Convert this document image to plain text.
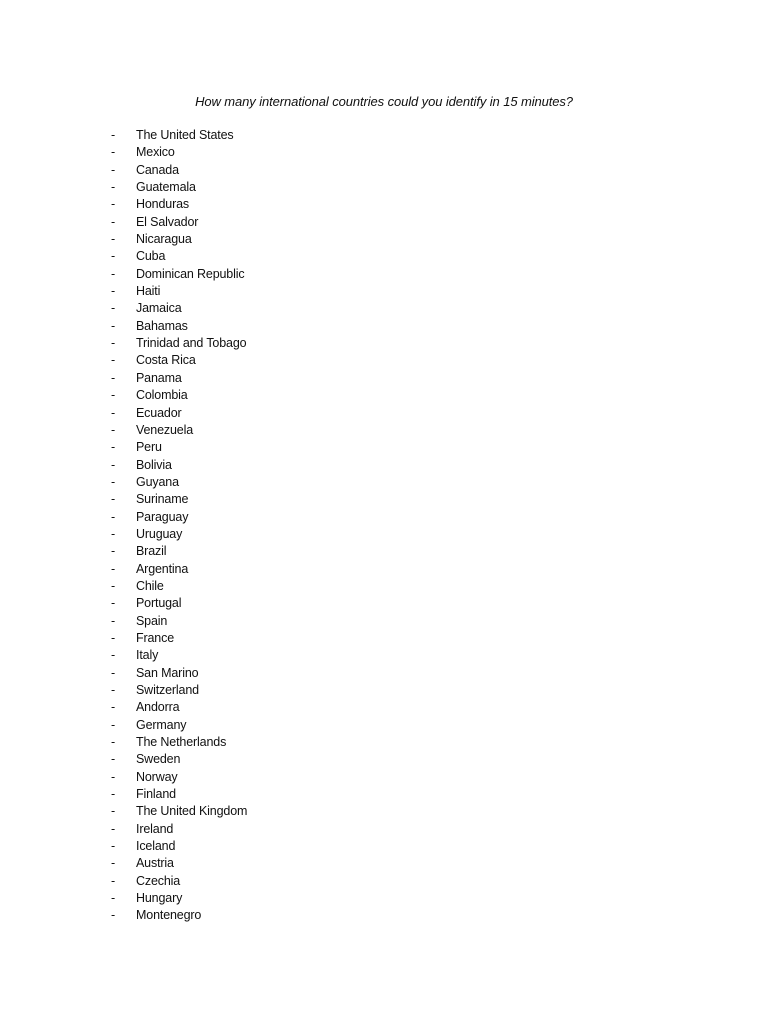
How many international countries could you identify in 15 minutes?
- The United States
- Mexico
- Canada
- Guatemala
- Honduras
- El Salvador
- Nicaragua
- Cuba
- Dominican Republic
- Haiti
- Jamaica
- Bahamas
- Trinidad and Tobago
- Costa Rica
- Panama
- Colombia
- Ecuador
- Venezuela
- Peru
- Bolivia
- Guyana
- Suriname
- Paraguay
- Uruguay
- Brazil
- Argentina
- Chile
- Portugal
- Spain
- France
- Italy
- San Marino
- Switzerland
- Andorra
- Germany
- The Netherlands
- Sweden
- Norway
- Finland
- The United Kingdom
- Ireland
- Iceland
- Austria
- Czechia
- Hungary
- Montenegro
